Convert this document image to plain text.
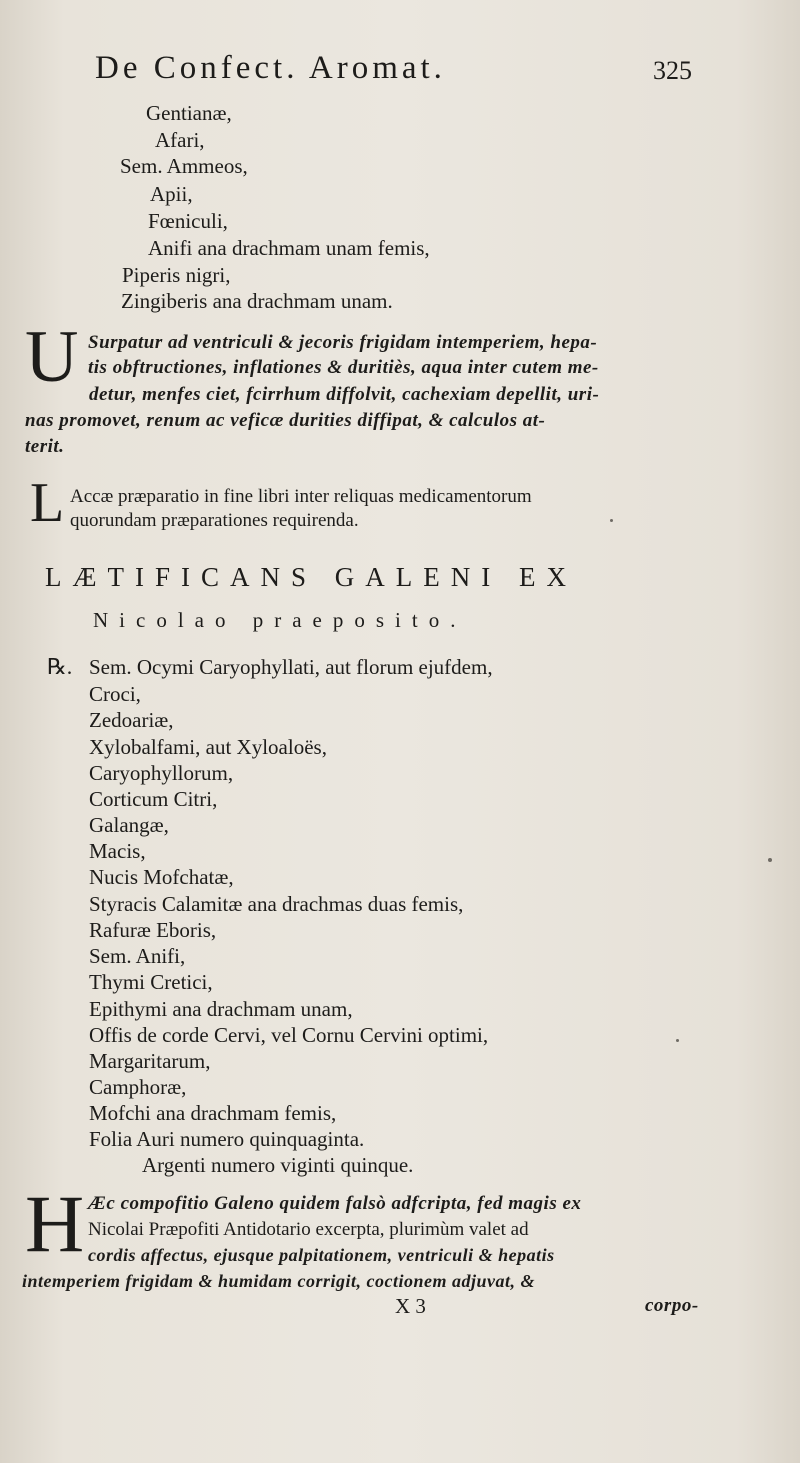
De Confect. Aromat.	325
Gentianæ,
Afari,
Sem. Ammeos,
Apii,
Fœniculi,
Anifi ana drachmam unam femis,
Piperis nigri,
Zingiberis ana drachmam unam.
U Surpatur ad ventriculi & jecoris frigidam intemperiem, hepa-
tis obftructiones, inflationes & duritiès, aqua inter cutem me-
detur, menfes ciet, fcirrhum diffolvit, cachexiam depellit, uri-
nas promovet, renum ac veficæ durities diffipat, & calculos at-
terit.
L Accæ præparatio in fine libri inter reliquas medicamentorum
quorundam præparationes requirenda.
LÆTIFICANS GALENI EX
Nicolao praeposito.
℞. Sem. Ocymi Caryophyllati, aut florum ejufdem,
Croci,
Zedoariæ,
Xylobalfami, aut Xyloaloës,
Caryophyllorum,
Corticum Citri,
Galangæ,
Macis,
Nucis Mofchatæ,
Styracis Calamitæ ana drachmas duas femis,
Rafuræ Eboris,
Sem. Anifi,
Thymi Cretici,
Epithymi ana drachmam unam,
Offis de corde Cervi, vel Cornu Cervini optimi,
Margaritarum,
Camphoræ,
Mofchi ana drachmam femis,
Folia Auri numero quinquaginta.
Argenti numero viginti quinque.
H Æc compofitio Galeno quidem falsò adfcripta, fed magis ex
Nicolai Præpofiti Antidotario excerpta, plurimùm valet ad
cordis affectus, ejusque palpitationem, ventriculi & hepatis
intemperiem frigidam & humidam corrigit, coctionem adjuvat, &
X 3	corpo-
